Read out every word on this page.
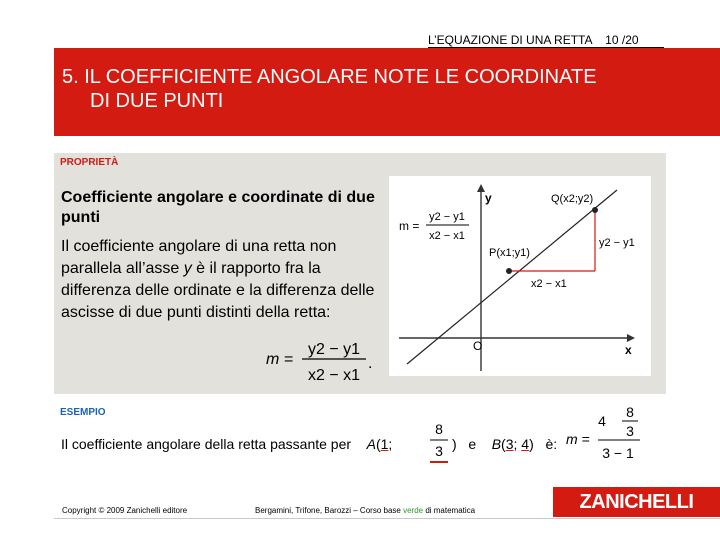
L’EQUAZIONE DI UNA RETTA 10 /20
5. IL COEFFICIENTE ANGOLARE NOTE LE COORDINATE
DI DUE PUNTI
PROPRIETÀ
Coefficiente angolare e coordinate di due punti
Il coefficiente angolare di una retta non parallela all’asse y è il rapporto fra la differenza delle ordinate e la differenza delle ascisse di due punti distinti della retta:
m =
y2 − y1
x2 − x1
.
y
x
O
P(x1;y1)
Q(x2;y2)
y2 − y1
x2 − x1
m =
y2 − y1
x2 − x1
ESEMPIO
Il coefficiente angolare della retta passante per A(1;
8
3 )   e B(3; 4)   è: m =
4
8
3
3 − 1
Copyright © 2009 Zanichelli editore	Bergamini, Trifone, Barozzi – Corso base verde di matematica	ZANICHELLI
